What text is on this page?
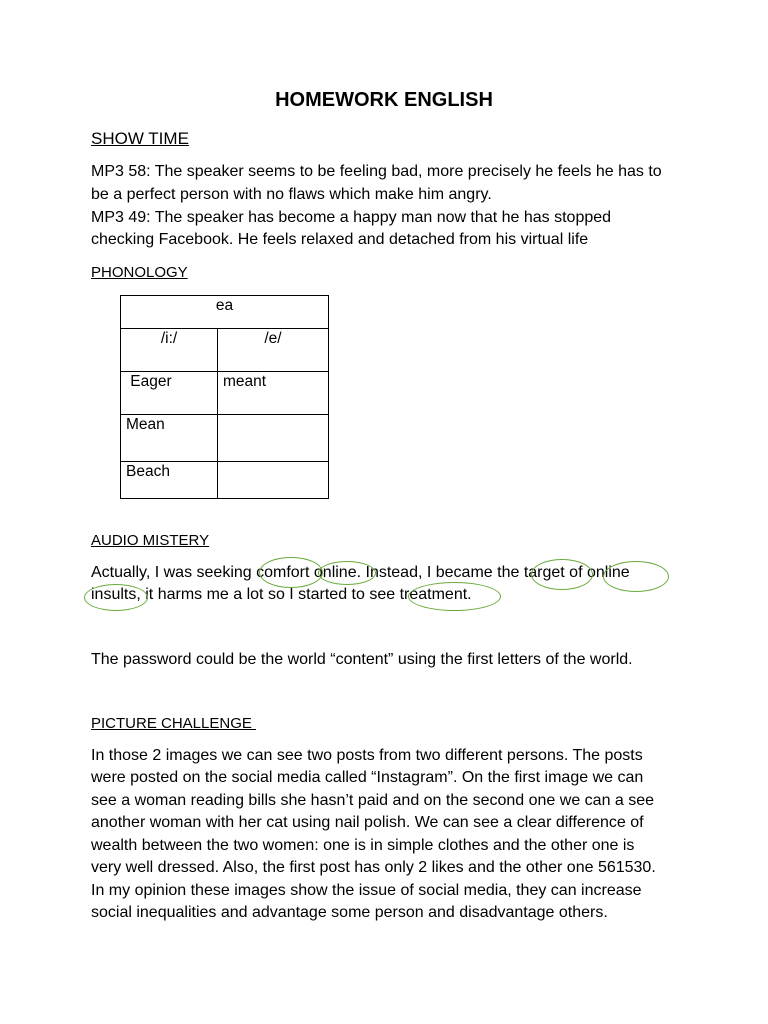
HOMEWORK ENGLISH
SHOW TIME
MP3 58: The speaker seems to be feeling bad, more precisely he feels he has to
be a perfect person with no flaws which make him angry.
MP3 49: The speaker has become a happy man now that he has stopped
checking Facebook. He feels relaxed and detached from his virtual life
PHONOLOGY
ea	
/i:/	/e/
Eager	meant
Mean	
Beach	
AUDIO MISTERY
Actually, I was seeking comfort online. Instead, I became the target of online
insults, it harms me a lot so I started to see treatment.
The password could be the world “content” using the first letters of the world.
PICTURE CHALLENGE
In those 2 images we can see two posts from two different persons. The posts
were posted on the social media called “Instagram”. On the first image we can
see a woman reading bills she hasn’t paid and on the second one we can a see
another woman with her cat using nail polish. We can see a clear difference of
wealth between the two women: one is in simple clothes and the other one is
very well dressed. Also, the first post has only 2 likes and the other one 561530.
In my opinion these images show the issue of social media, they can increase
social inequalities and advantage some person and disadvantage others.
